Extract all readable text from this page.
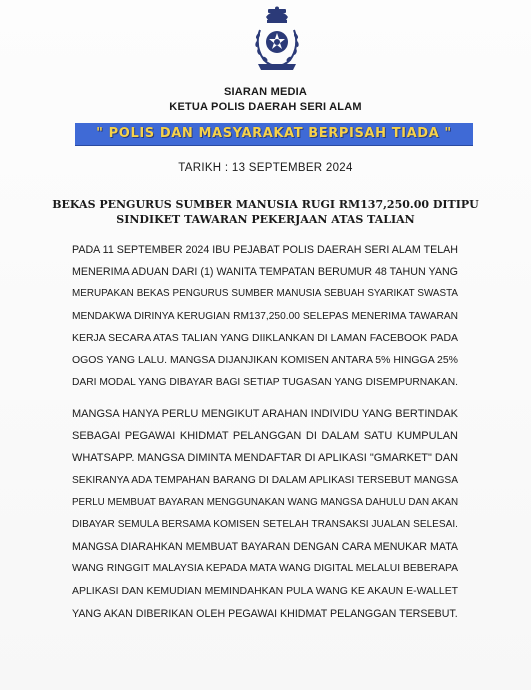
SIARAN MEDIA
KETUA POLIS DAERAH SERI ALAM
" POLIS DAN MASYARAKAT BERPISAH TIADA "
TARIKH : 13 SEPTEMBER 2024
BEKAS PENGURUS SUMBER MANUSIA RUGI RM137,250.00 DITIPU
SINDIKET TAWARAN PEKERJAAN ATAS TALIAN
PADA 11 SEPTEMBER 2024 IBU PEJABAT POLIS DAERAH SERI ALAM TELAH
MENERIMA ADUAN DARI (1) WANITA TEMPATAN BERUMUR 48 TAHUN YANG
MERUPAKAN BEKAS PENGURUS SUMBER MANUSIA SEBUAH SYARIKAT SWASTA
MENDAKWA DIRINYA KERUGIAN RM137,250.00 SELEPAS MENERIMA TAWARAN
KERJA SECARA ATAS TALIAN YANG DIIKLANKAN DI LAMAN FACEBOOK PADA
OGOS YANG LALU. MANGSA DIJANJIKAN KOMISEN ANTARA 5% HINGGA 25%
DARI MODAL YANG DIBAYAR BAGI SETIAP TUGASAN YANG DISEMPURNAKAN.
MANGSA HANYA PERLU MENGIKUT ARAHAN INDIVIDU YANG BERTINDAK
SEBAGAI PEGAWAI KHIDMAT PELANGGAN DI DALAM SATU KUMPULAN
WHATSAPP. MANGSA DIMINTA MENDAFTAR DI APLIKASI "GMARKET" DAN
SEKIRANYA ADA TEMPAHAN BARANG DI DALAM APLIKASI TERSEBUT MANGSA
PERLU MEMBUAT BAYARAN MENGGUNAKAN WANG MANGSA DAHULU DAN AKAN
DIBAYAR SEMULA BERSAMA KOMISEN SETELAH TRANSAKSI JUALAN SELESAI.
MANGSA DIARAHKAN MEMBUAT BAYARAN DENGAN CARA MENUKAR MATA
WANG RINGGIT MALAYSIA KEPADA MATA WANG DIGITAL MELALUI BEBERAPA
APLIKASI DAN KEMUDIAN MEMINDAHKAN PULA WANG KE AKAUN E-WALLET
YANG AKAN DIBERIKAN OLEH PEGAWAI KHIDMAT PELANGGAN TERSEBUT.
